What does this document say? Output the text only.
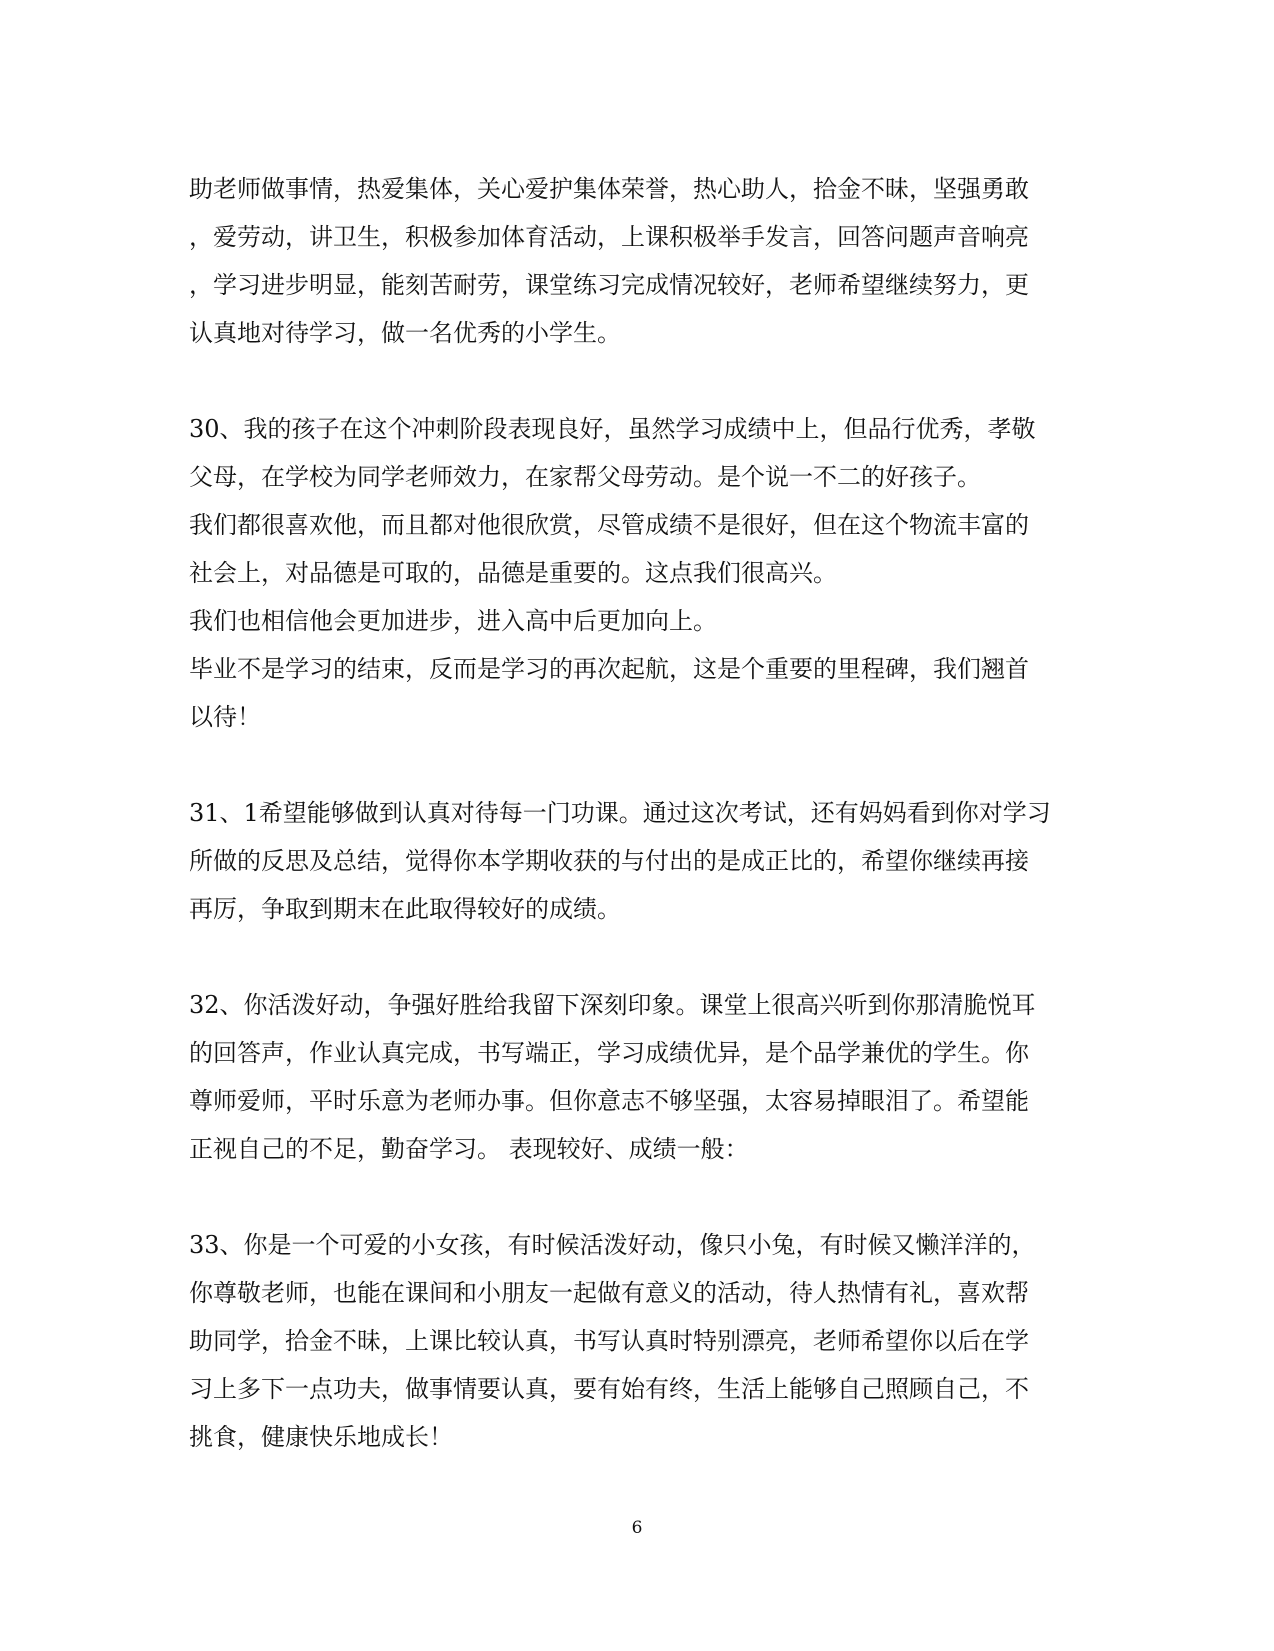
助老师做事情，热爱集体，关心爱护集体荣誉，热心助人，拾金不昧，坚强勇敢
，爱劳动，讲卫生，积极参加体育活动，上课积极举手发言，回答问题声音响亮
，学习进步明显，能刻苦耐劳，课堂练习完成情况较好，老师希望继续努力，更
认真地对待学习，做一名优秀的小学生。
30、我的孩子在这个冲刺阶段表现良好，虽然学习成绩中上，但品行优秀，孝敬
父母，在学校为同学老师效力，在家帮父母劳动。是个说一不二的好孩子。
我们都很喜欢他，而且都对他很欣赏，尽管成绩不是很好，但在这个物流丰富的
社会上，对品德是可取的，品德是重要的。这点我们很高兴。
我们也相信他会更加进步，进入高中后更加向上。
毕业不是学习的结束，反而是学习的再次起航，这是个重要的里程碑，我们翘首
以待！
31、1希望能够做到认真对待每一门功课。通过这次考试，还有妈妈看到你对学习
所做的反思及总结，觉得你本学期收获的与付出的是成正比的，希望你继续再接
再厉，争取到期末在此取得较好的成绩。
32、你活泼好动，争强好胜给我留下深刻印象。课堂上很高兴听到你那清脆悦耳
的回答声，作业认真完成，书写端正，学习成绩优异，是个品学兼优的学生。你
尊师爱师，平时乐意为老师办事。但你意志不够坚强，太容易掉眼泪了。希望能
正视自己的不足，勤奋学习。 表现较好、成绩一般：
33、你是一个可爱的小女孩，有时候活泼好动，像只小兔，有时候又懒洋洋的，
你尊敬老师，也能在课间和小朋友一起做有意义的活动，待人热情有礼，喜欢帮
助同学，拾金不昧，上课比较认真，书写认真时特别漂亮，老师希望你以后在学
习上多下一点功夫，做事情要认真，要有始有终，生活上能够自己照顾自己，不
挑食，健康快乐地成长！
6
